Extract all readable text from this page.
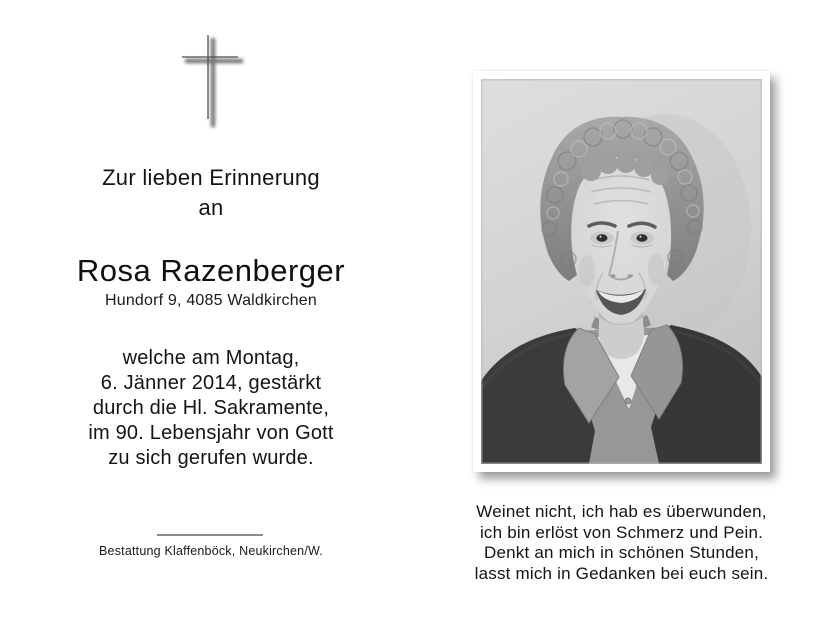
Zur lieben Erinnerung
an
Rosa Razenberger
Hundorf 9, 4085 Waldkirchen
welche am Montag,
6. Jänner 2014, gestärkt
durch die Hl. Sakramente,
im 90. Lebensjahr von Gott
zu sich gerufen wurde.
Bestattung Klaffenböck, Neukirchen/W.
Weinet nicht, ich hab es überwunden,
ich bin erlöst von Schmerz und Pein.
Denkt an mich in schönen Stunden,
lasst mich in Gedanken bei euch sein.
